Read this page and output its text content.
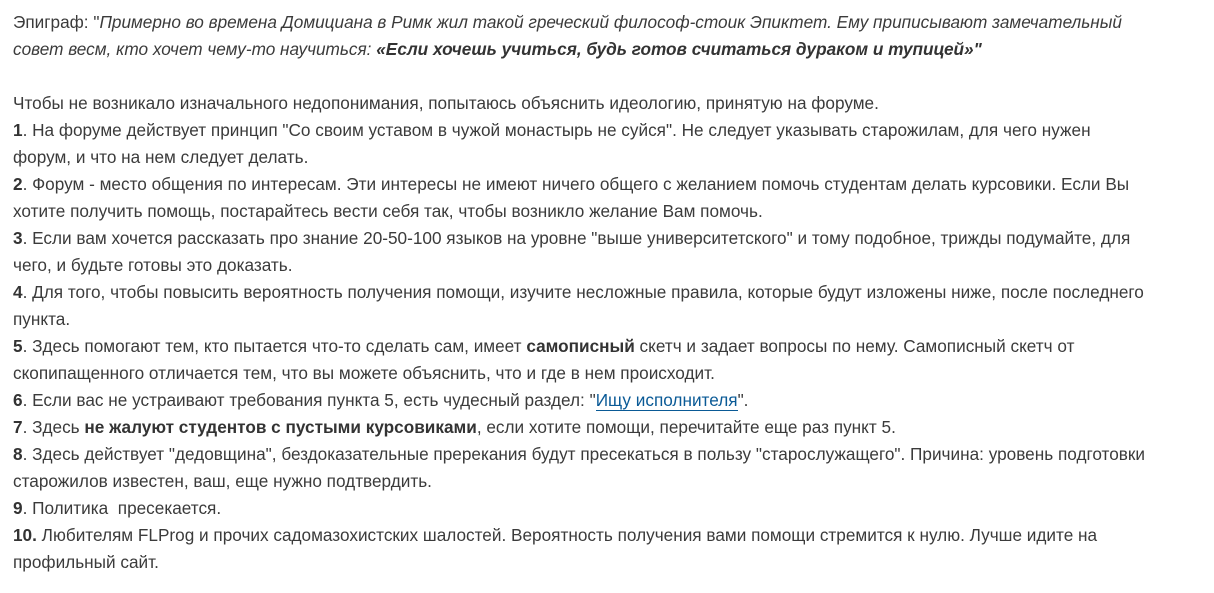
Эпиграф: "Примерно во времена Домициана в Римк жил такой греческий философ-стоик Эпиктет. Ему приписывают замечательный
совет весм, кто хочет чему-то научиться: «Если хочешь учиться, будь готов считаться дураком и тупицей»"
Чтобы не возникало изначального недопонимания, попытаюсь объяснить идеологию, принятую на форуме.
1. На форуме действует принцип "Со своим уставом в чужой монастырь не суйся". Не следует указывать старожилам, для чего нужен
форум, и что на нем следует делать.
2. Форум - место общения по интересам. Эти интересы не имеют ничего общего с желанием помочь студентам делать курсовики. Если Вы
хотите получить помощь, постарайтесь вести себя так, чтобы возникло желание Вам помочь.
3. Если вам хочется рассказать про знание 20-50-100 языков на уровне "выше университетского" и тому подобное, трижды подумайте, для
чего, и будьте готовы это доказать.
4. Для того, чтобы повысить вероятность получения помощи, изучите несложные правила, которые будут изложены ниже, после последнего
пункта.
5. Здесь помогают тем, кто пытается что-то сделать сам, имеет самописный скетч и задает вопросы по нему. Самописный скетч от
скопипащенного отличается тем, что вы можете объяснить, что и где в нем происходит.
6. Если вас не устраивают требования пункта 5, есть чудесный раздел: "Ищу исполнителя".
7. Здесь не жалуют студентов с пустыми курсовиками, если хотите помощи, перечитайте еще раз пункт 5.
8. Здесь действует "дедовщина", бездоказательные пререкания будут пресекаться в пользу "старослужащего". Причина: уровень подготовки
старожилов известен, ваш, еще нужно подтвердить.
9. Политика  пресекается.
10. Любителям FLProg и прочих садомазохистских шалостей. Вероятность получения вами помощи стремится к нулю. Лучше идите на
профильный сайт.
